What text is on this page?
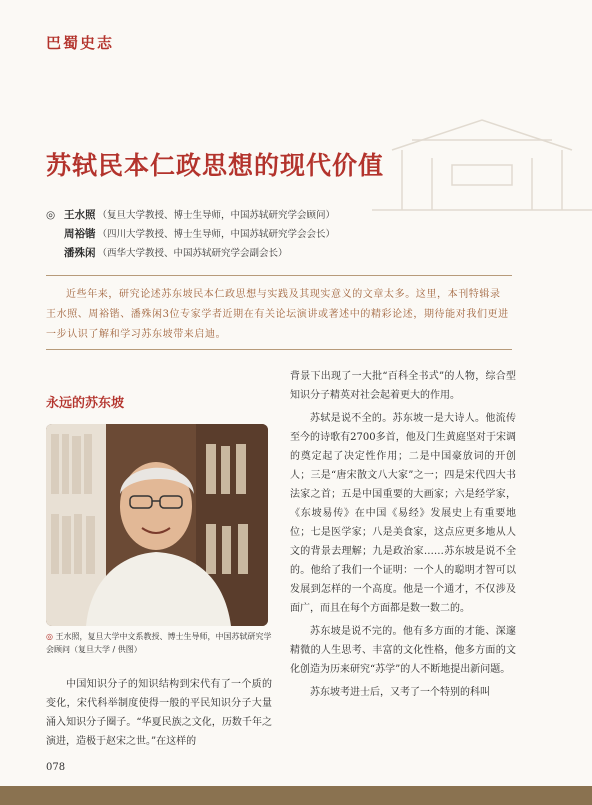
巴蜀史志
苏轼民本仁政思想的现代价值
◎ 王水照 （复旦大学教授、博士生导师，中国苏轼研究学会顾问）
周裕锴 （四川大学教授、博士生导师，中国苏轼研究学会会长）
潘殊闲 （西华大学教授、中国苏轼研究学会副会长）
近些年来，研究论述苏东坡民本仁政思想与实践及其现实意义的文章太多。这里，本刊特辑录王水照、周裕锴、潘殊闲3位专家学者近期在有关论坛演讲或著述中的精彩论述，期待能对我们更进一步认识了解和学习苏东坡带来启迪。
永远的苏东坡
◎ 王水照，复旦大学中文系教授、博士生导师，中国苏轼研究学会顾问（复旦大学 / 供图）
中国知识分子的知识结构到宋代有了一个质的变化，宋代科举制度使得一般的平民知识分子大量涌入知识分子圈子。“华夏民族之文化，历数千年之演进，造极于赵宋之世。”在这样的

背景下出现了一大批“百科全书式”的人物，综合型知识分子精英对社会起着更大的作用。

苏轼是说不全的。苏东坡一是大诗人。他流传至今的诗歌有2700多首，他及门生黄庭坚对于宋调的奠定起了决定性作用；二是中国豪放词的开创人；三是“唐宋散文八大家”之一；四是宋代四大书法家之首；五是中国重要的大画家；六是经学家，《东坡易传》在中国《易经》发展史上有重要地位；七是医学家；八是美食家，这点应更多地从人文的背景去理解；九是政治家……苏东坡是说不全的。他给了我们一个证明：一个人的聪明才智可以发展到怎样的一个高度。他是一个通才，不仅涉及面广，而且在每个方面都是数一数二的。

苏东坡是说不完的。他有多方面的才能、深邃精微的人生思考、丰富的文化性格，他多方面的文化创造为历来研究“苏学”的人不断地提出新问题。

苏东坡考进士后，又考了一个特别的科叫

078
